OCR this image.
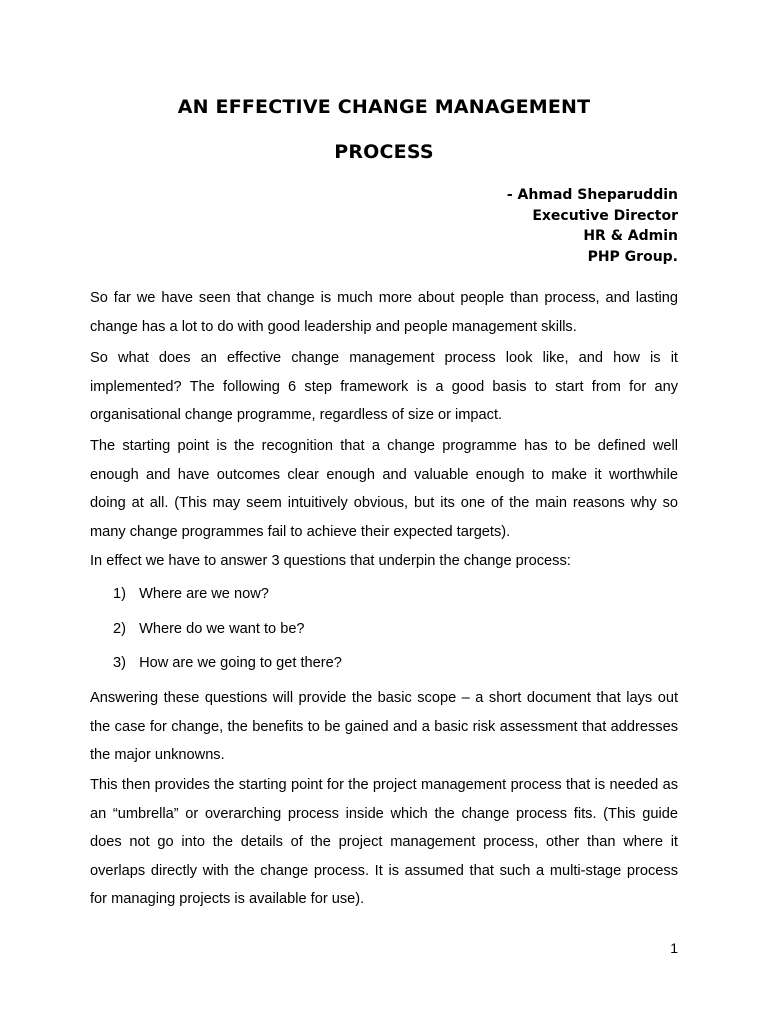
AN EFFECTIVE CHANGE MANAGEMENT
PROCESS
- Ahmad Sheparuddin
Executive Director
HR & Admin
PHP Group.

So far we have seen that change is much more about people than process, and lasting change has a lot to do with good leadership and people management skills.

So what does an effective change management process look like, and how is it implemented? The following 6 step framework is a good basis to start from for any organisational change programme, regardless of size or impact.

The starting point is the recognition that a change programme has to be defined well enough and have outcomes clear enough and valuable enough to make it worthwhile doing at all. (This may seem intuitively obvious, but its one of the main reasons why so many change programmes fail to achieve their expected targets).

In effect we have to answer 3 questions that underpin the change process:

1) Where are we now?
2) Where do we want to be?
3) How are we going to get there?

Answering these questions will provide the basic scope – a short document that lays out the case for change, the benefits to be gained and a basic risk assessment that addresses the major unknowns.

This then provides the starting point for the project management process that is needed as an “umbrella” or overarching process inside which the change process fits. (This guide does not go into the details of the project management process, other than where it overlaps directly with the change process. It is assumed that such a multi-stage process for managing projects is available for use).

1
